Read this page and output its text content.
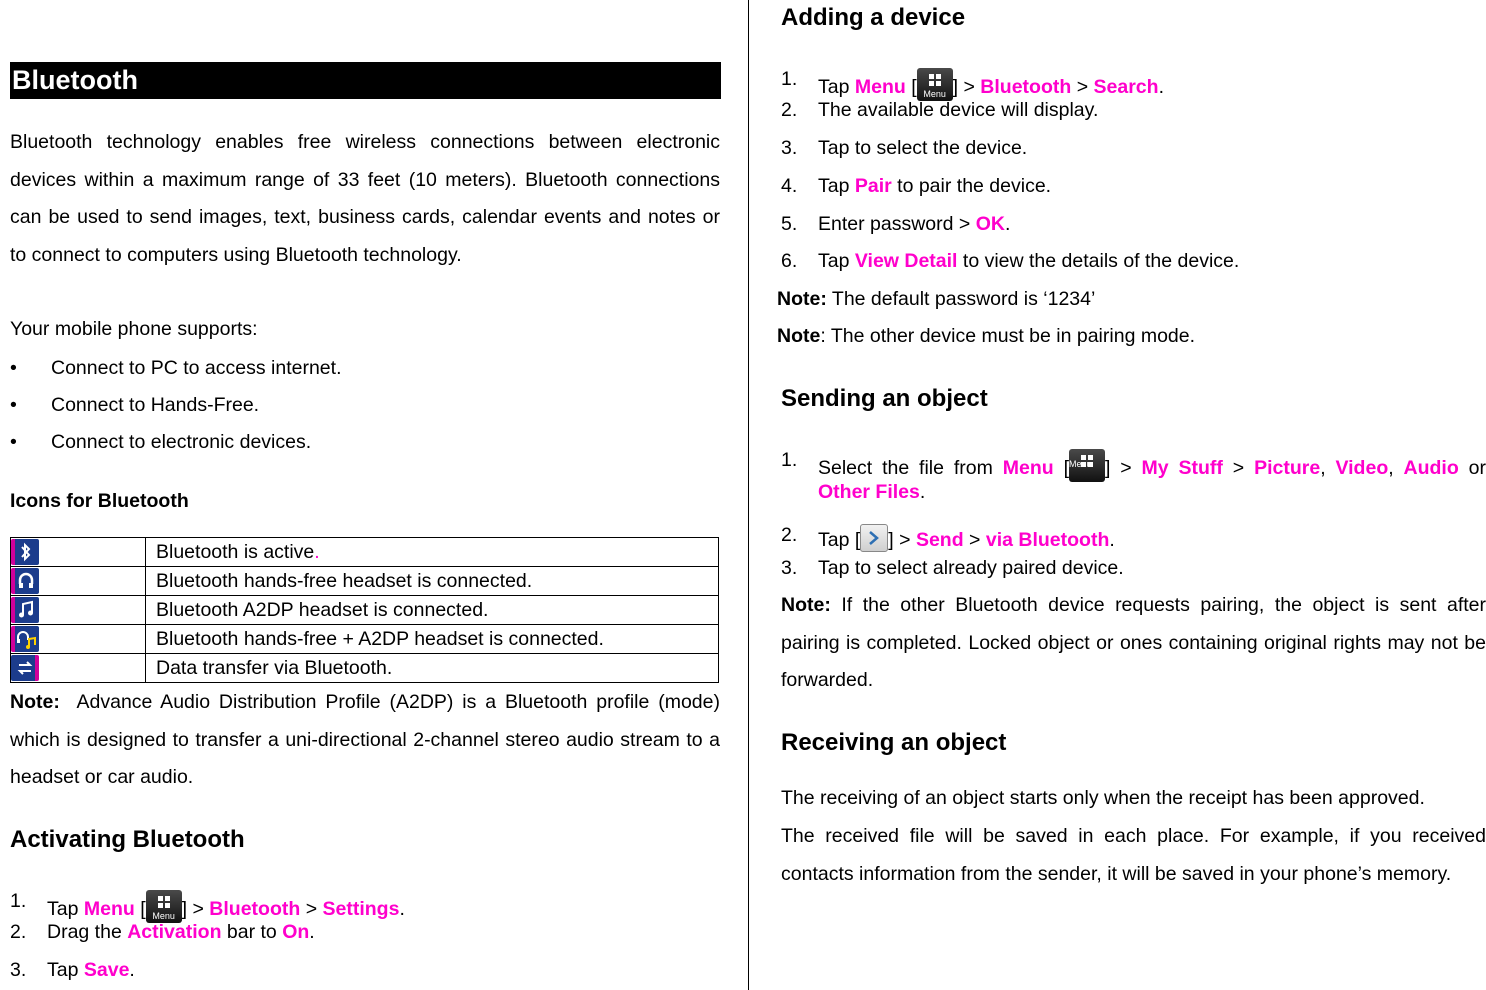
Bluetooth
Bluetooth technology enables free wireless connections between electronic devices within a maximum range of 33 feet (10 meters). Bluetooth connections can be used to send images, text, business cards, calendar events and notes or to connect to computers using Bluetooth technology.
Your mobile phone supports:
• Connect to PC to access internet.
• Connect to Hands-Free.
• Connect to electronic devices.
Icons for Bluetooth
	Bluetooth is active.
	Bluetooth hands-free headset is connected.
	Bluetooth A2DP headset is connected.
	Bluetooth hands-free + A2DP headset is connected.
	Data transfer via Bluetooth.
Note: Advance Audio Distribution Profile (A2DP) is a Bluetooth profile (mode) which is designed to transfer a uni-directional 2-channel stereo audio stream to a headset or car audio.
Activating Bluetooth
1. Tap Menu [ Menu ] > Bluetooth > Settings.
2. Drag the Activation bar to On.
3. Tap Save.
Adding a device
1. Tap Menu [ Menu ] > Bluetooth > Search.
2. The available device will display.
3. Tap to select the device.
4. Tap Pair to pair the device.
5. Enter password > OK.
6. Tap View Detail to view the details of the device.
Note: The default password is ‘1234’
Note: The other device must be in pairing mode.
Sending an object
1. Select the file from Menu [ Menu ] > My Stuff > Picture, Video, Audio or
Other Files.
2. Tap [ ] > Send > via Bluetooth.
3. Tap to select already paired device.
Note: If the other Bluetooth device requests pairing, the object is sent after pairing is completed. Locked object or ones containing original rights may not be forwarded.
Receiving an object
The receiving of an object starts only when the receipt has been approved.
The received file will be saved in each place. For example, if you received contacts information from the sender, it will be saved in your phone’s memory.
